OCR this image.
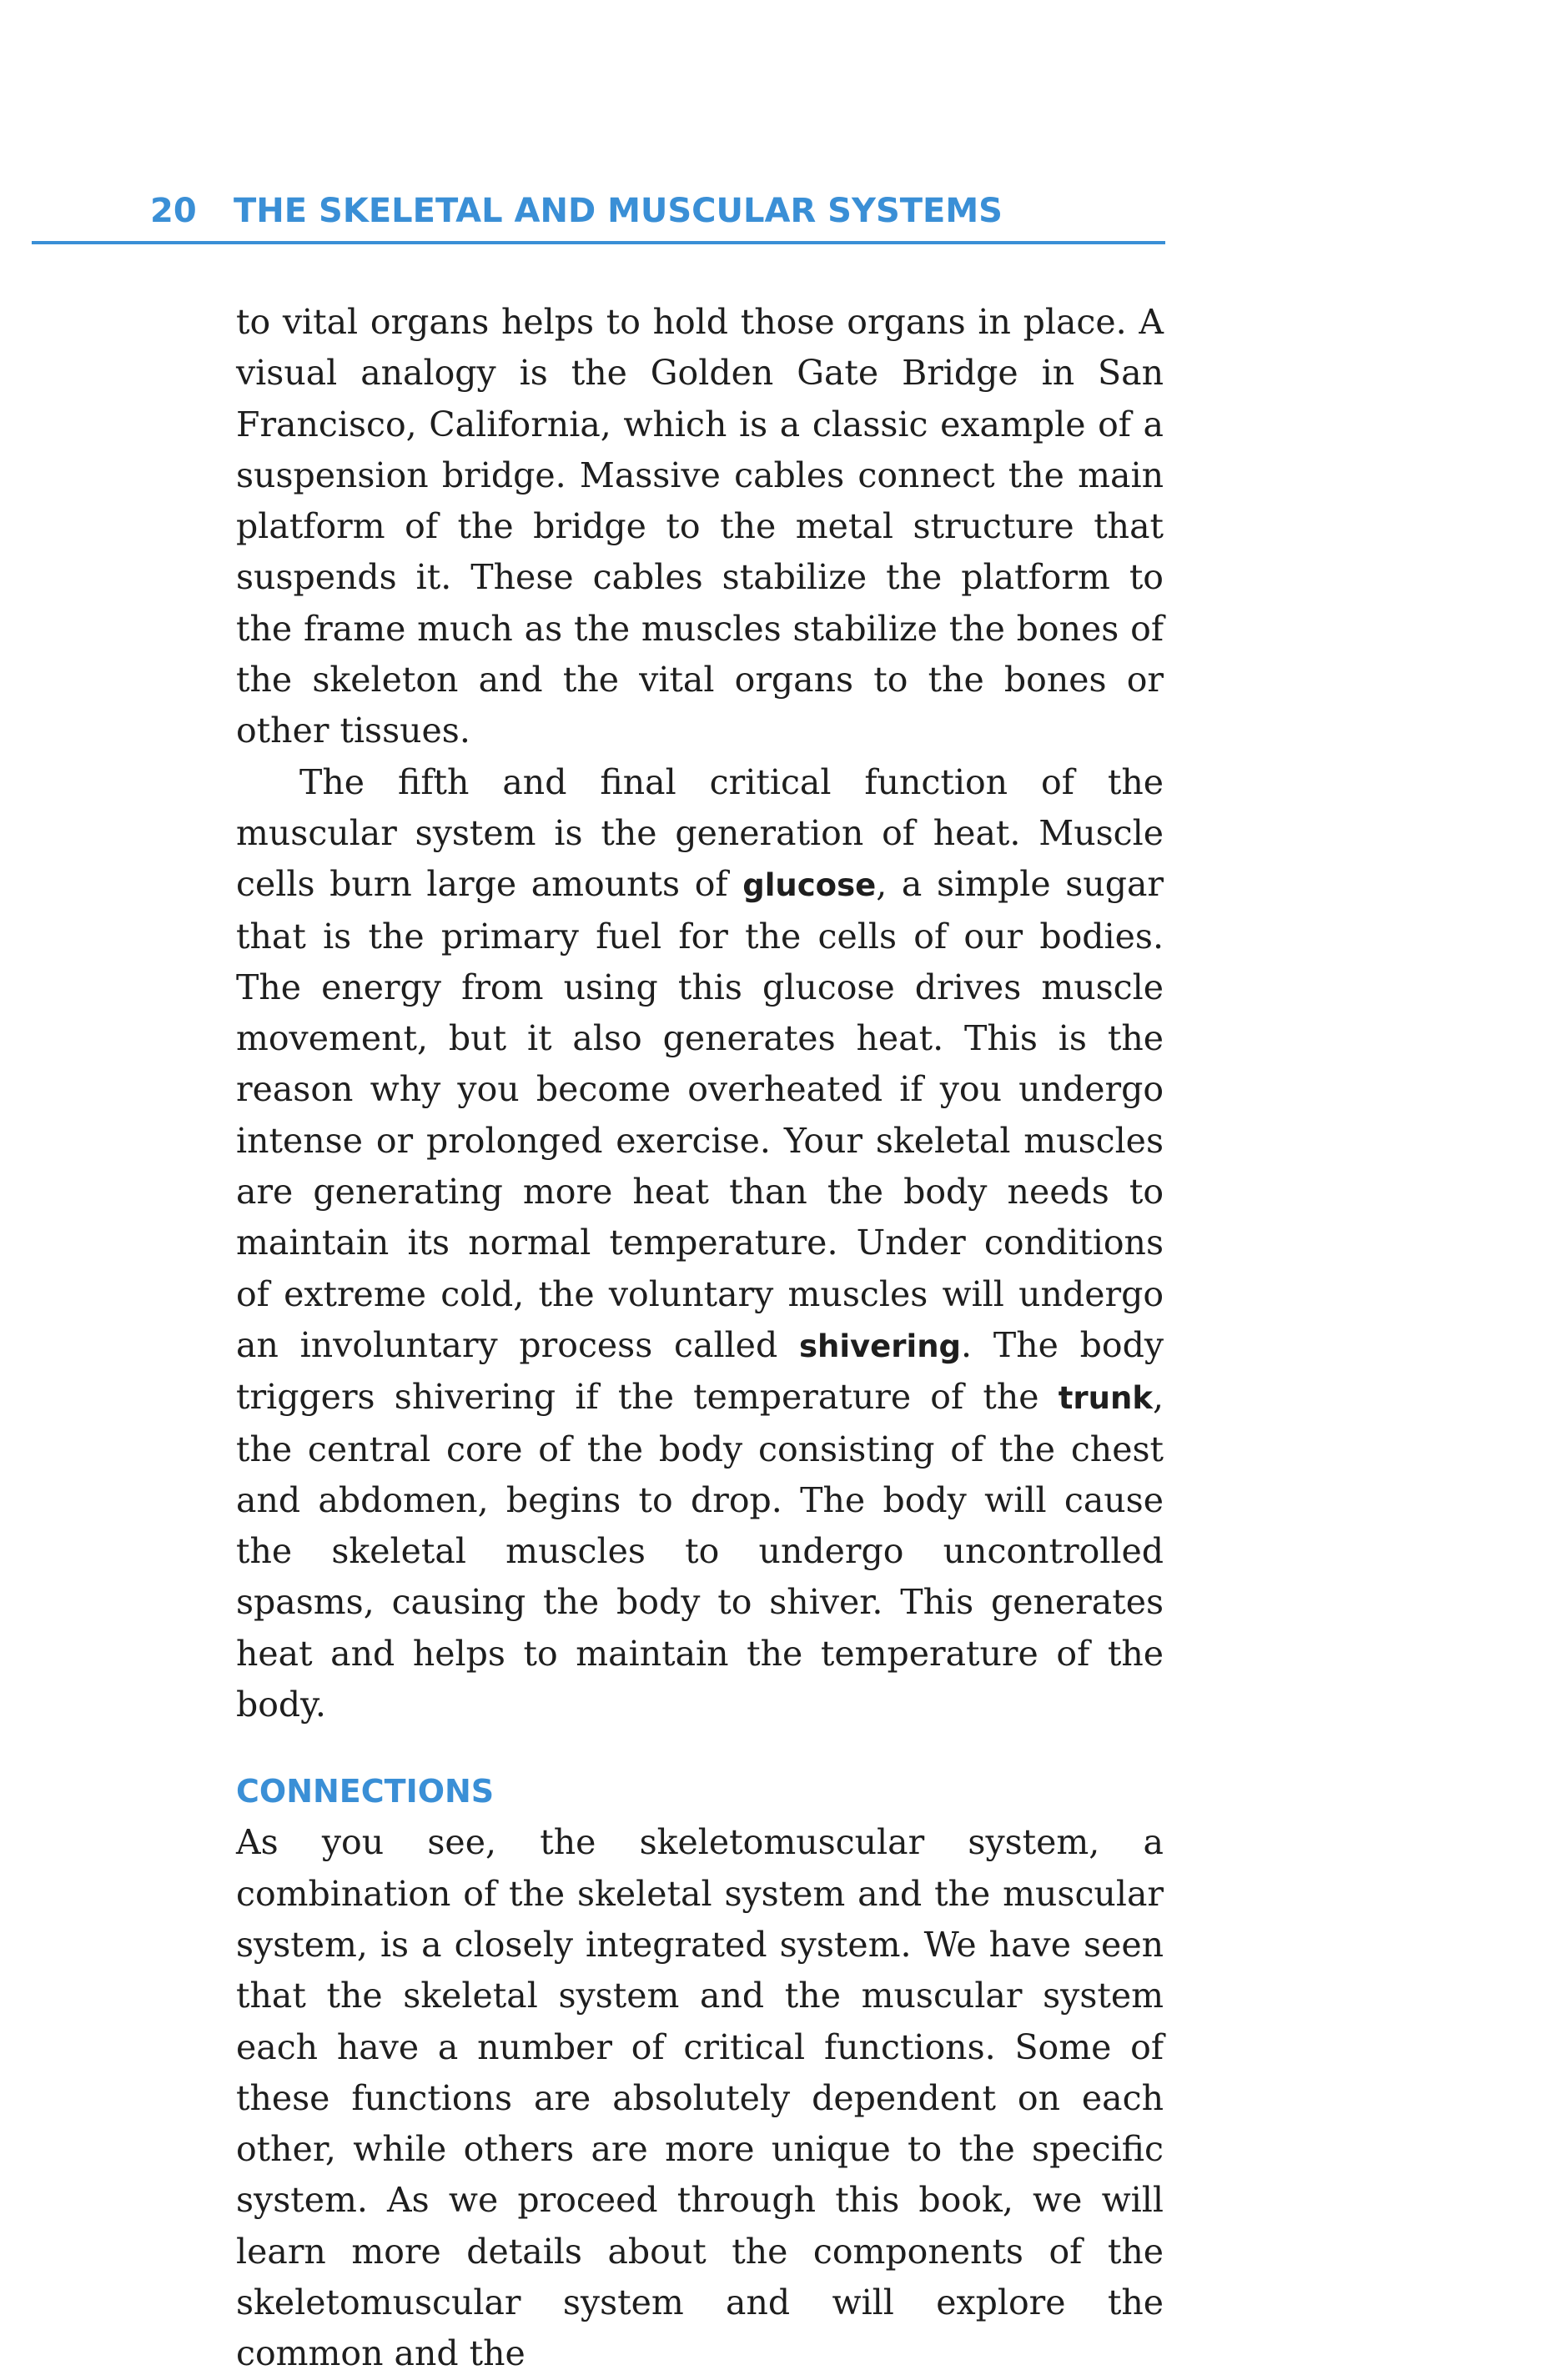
20 THE SKELETAL AND MUSCULAR SYSTEMS

to vital organs helps to hold those organs in place. A visual analogy is the Golden Gate Bridge in San Francisco, California, which is a classic example of a suspension bridge. Massive cables connect the main platform of the bridge to the metal structure that suspends it. These cables stabilize the platform to the frame much as the muscles stabilize the bones of the skeleton and the vital organs to the bones or other tissues.

The fifth and final critical function of the muscular system is the generation of heat. Muscle cells burn large amounts of glucose, a simple sugar that is the primary fuel for the cells of our bodies. The energy from using this glucose drives muscle movement, but it also generates heat. This is the reason why you become overheated if you undergo intense or prolonged exercise. Your skeletal muscles are generating more heat than the body needs to maintain its normal temperature. Under conditions of extreme cold, the voluntary muscles will undergo an involuntary process called shivering. The body triggers shivering if the temperature of the trunk, the central core of the body consisting of the chest and abdomen, begins to drop. The body will cause the skeletal muscles to undergo uncontrolled spasms, causing the body to shiver. This generates heat and helps to maintain the temperature of the body.

CONNECTIONS

As you see, the skeletomuscular system, a combination of the skeletal system and the muscular system, is a closely integrated system. We have seen that the skeletal system and the muscular system each have a number of critical functions. Some of these functions are absolutely dependent on each other, while others are more unique to the specific system. As we proceed through this book, we will learn more details about the components of the skeletomuscular system and will explore the common and the
